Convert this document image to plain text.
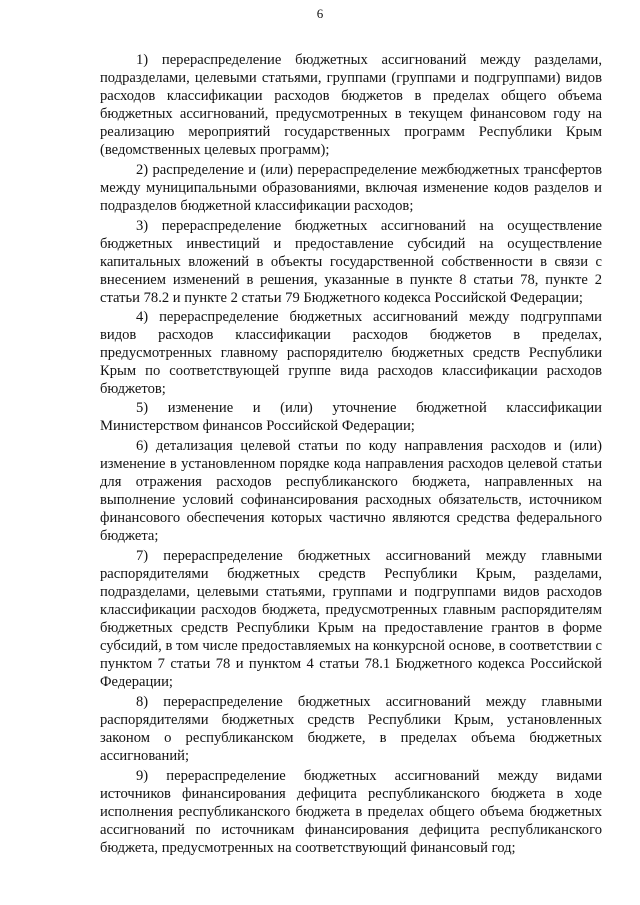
6

1) перераспределение бюджетных ассигнований между разделами, подразделами, целевыми статьями, группами (группами и подгруппами) видов расходов классификации расходов бюджетов в пределах общего объема бюджетных ассигнований, предусмотренных в текущем финансовом году на реализацию мероприятий государственных программ Республики Крым (ведомственных целевых программ);

2) распределение и (или) перераспределение межбюджетных трансфертов между муниципальными образованиями, включая изменение кодов разделов и подразделов бюджетной классификации расходов;

3) перераспределение бюджетных ассигнований на осуществление бюджетных инвестиций и предоставление субсидий на осуществление капитальных вложений в объекты государственной собственности в связи с внесением изменений в решения, указанные в пункте 8 статьи 78, пункте 2 статьи 78.2 и пункте 2 статьи 79 Бюджетного кодекса Российской Федерации;

4) перераспределение бюджетных ассигнований между подгруппами видов расходов классификации расходов бюджетов в пределах, предусмотренных главному распорядителю бюджетных средств Республики Крым по соответствующей группе вида расходов классификации расходов бюджетов;

5) изменение и (или) уточнение бюджетной классификации Министерством финансов Российской Федерации;

6) детализация целевой статьи по коду направления расходов и (или) изменение в установленном порядке кода направления расходов целевой статьи для отражения расходов республиканского бюджета, направленных на выполнение условий софинансирования расходных обязательств, источником финансового обеспечения которых частично являются средства федерального бюджета;

7) перераспределение бюджетных ассигнований между главными распорядителями бюджетных средств Республики Крым, разделами, подразделами, целевыми статьями, группами и подгруппами видов расходов классификации расходов бюджета, предусмотренных главным распорядителям бюджетных средств Республики Крым на предоставление грантов в форме субсидий, в том числе предоставляемых на конкурсной основе, в соответствии с пунктом 7 статьи 78 и пунктом 4 статьи 78.1 Бюджетного кодекса Российской Федерации;

8) перераспределение бюджетных ассигнований между главными распорядителями бюджетных средств Республики Крым, установленных законом о республиканском бюджете, в пределах объема бюджетных ассигнований;

9) перераспределение бюджетных ассигнований между видами источников финансирования дефицита республиканского бюджета в ходе исполнения республиканского бюджета в пределах общего объема бюджетных ассигнований по источникам финансирования дефицита республиканского бюджета, предусмотренных на соответствующий финансовый год;
